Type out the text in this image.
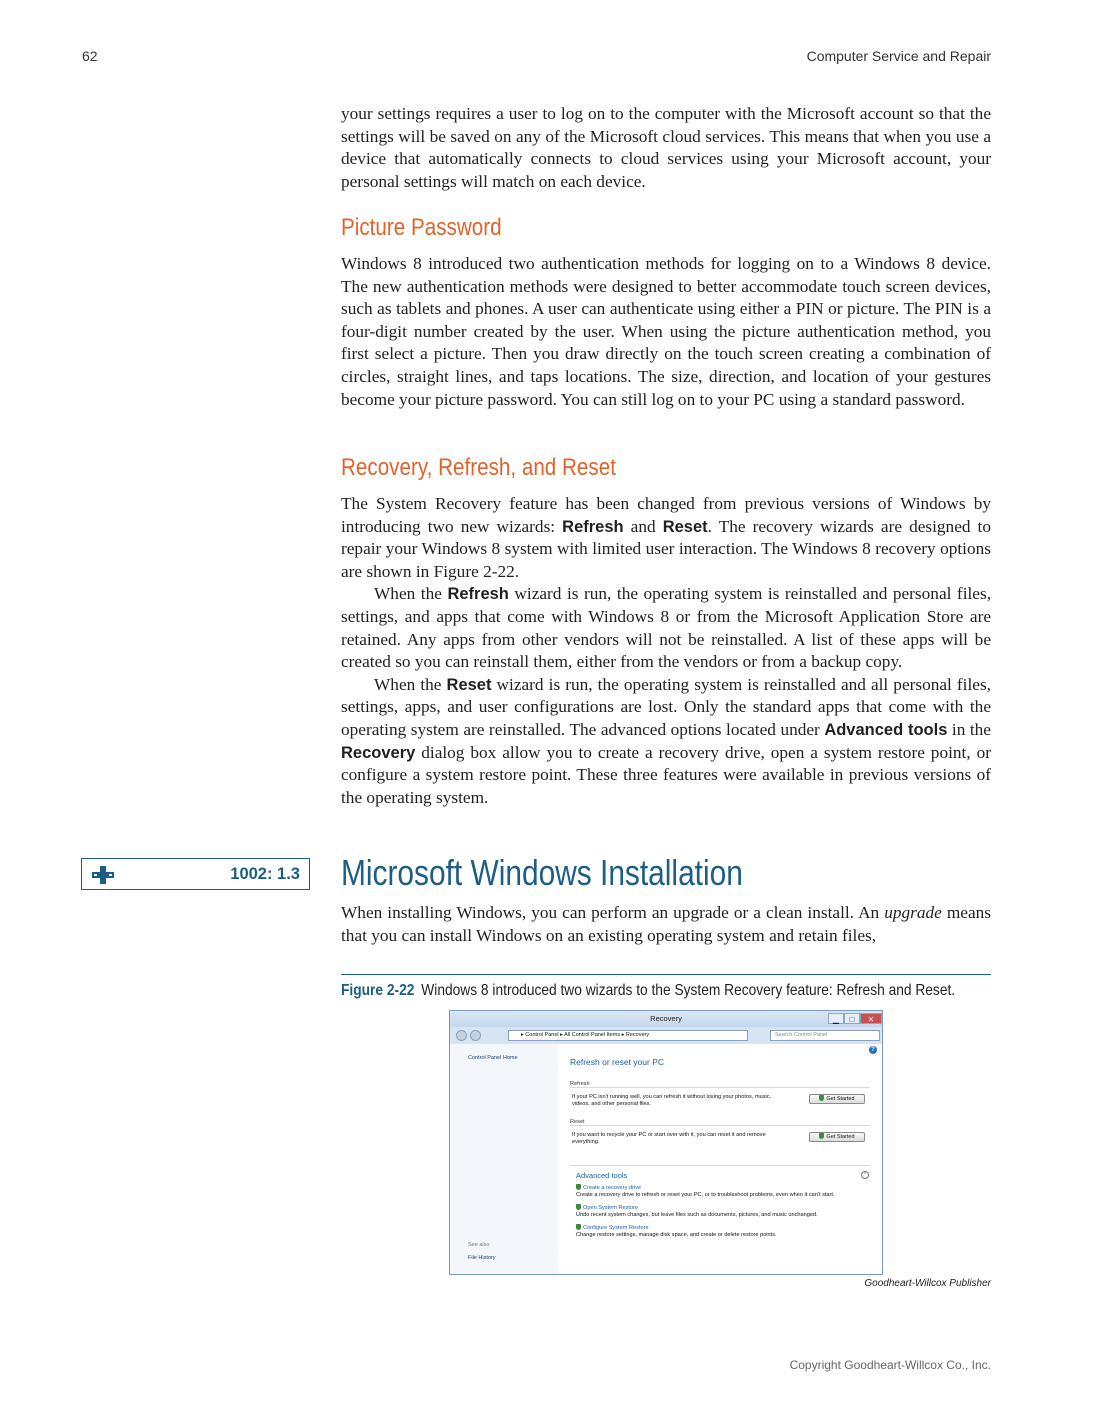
62	Computer Service and Repair

your settings requires a user to log on to the computer with the Microsoft account so that the settings will be saved on any of the Microsoft cloud services. This means that when you use a device that automatically connects to cloud services using your Microsoft account, your personal settings will match on each device.

Picture Password

Windows 8 introduced two authentication methods for logging on to a Windows 8 device. The new authentication methods were designed to better accommodate touch screen devices, such as tablets and phones. A user can authenticate using either a PIN or picture. The PIN is a four-digit number created by the user. When using the picture authentication method, you first select a picture. Then you draw directly on the touch screen creating a combination of circles, straight lines, and taps locations. The size, direction, and location of your gestures become your picture password. You can still log on to your PC using a standard password.

Recovery, Refresh, and Reset

The System Recovery feature has been changed from previous versions of Windows by introducing two new wizards: Refresh and Reset. The recovery wizards are designed to repair your Windows 8 system with limited user interaction. The Windows 8 recovery options are shown in Figure 2-22.

When the Refresh wizard is run, the operating system is reinstalled and personal files, settings, and apps that come with Windows 8 or from the Microsoft Application Store are retained. Any apps from other vendors will not be reinstalled. A list of these apps will be created so you can reinstall them, either from the vendors or from a backup copy.

When the Reset wizard is run, the operating system is reinstalled and all personal files, settings, apps, and user configurations are lost. Only the standard apps that come with the operating system are reinstalled. The advanced options located under Advanced tools in the Recovery dialog box allow you to create a recovery drive, open a system restore point, or configure a system restore point. These three features were available in previous versions of the operating system.

1002: 1.3 Microsoft Windows Installation

When installing Windows, you can perform an upgrade or a clean install. An upgrade means that you can install Windows on an existing operating system and retain files,

Figure 2-22 Windows 8 introduced two wizards to the System Recovery feature: Refresh and Reset.
Recovery	▁	□	✕
▸ Control Panel ▸ All Control Panel Items ▸ Recovery	Search Control Panel
Control Panel Home
See also
File History
?
Refresh or reset your PC
Refresh
If your PC isn't running well, you can refresh it without losing your photos, music,
videos, and other personal files.
Get Started
Reset
If you want to recycle your PC or start over with it, you can reset it and remove
everything.
Get Started
Advanced tools	⌃
Create a recovery drive
Create a recovery drive to refresh or reset your PC, or to troubleshoot problems, even when it can't start.
Open System Restore
Undo recent system changes, but leave files such as documents, pictures, and music unchanged.
Configure System Restore
Change restore settings, manage disk space, and create or delete restore points.
Goodheart-Willcox Publisher
Copyright Goodheart-Willcox Co., Inc.
